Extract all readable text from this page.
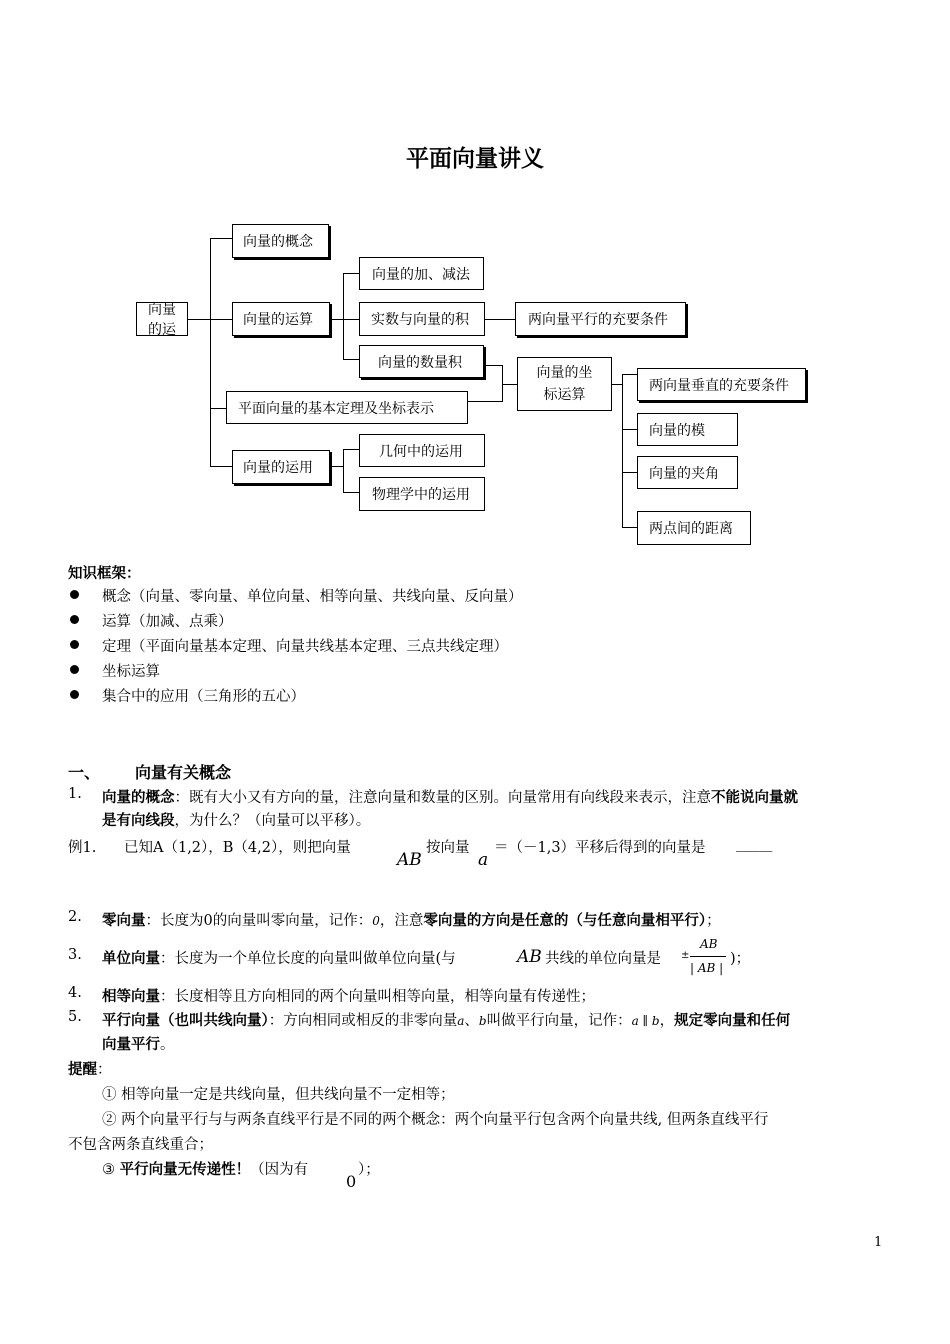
平面向量讲义
向量的运
向量的概念
向量的运算
向量的加、减法
实数与向量的积	两向量平行的充要条件
向量的数量积
向量的坐标运算
平面向量的基本定理及坐标表示
两向量垂直的充要条件
向量的模
向量的夹角
两点间的距离
向量的运用
几何中的运用
物理学中的运用
知识框架：
概念（向量、零向量、单位向量、相等向量、共线向量、反向量）
运算（加减、点乘）
定理（平面向量基本定理、向量共线基本定理、三点共线定理）
坐标运算
集合中的应用（三角形的五心）
一、 向量有关概念
1. 向量的概念：既有大小又有方向的量，注意向量和数量的区别。向量常用有向线段来表示，注意不能说向量就
是有向线段，为什么？（向量可以平移）。
例1. 已知A（1,2），B（4,2），则把向量
AB
按向量
a
＝（－1,3）平移后得到的向量是 _____
2. 零向量：长度为0的向量叫零向量，记作：0，注意零向量的方向是任意的（与任意向量相平行）；
3. 单位向量：长度为一个单位长度的向量叫做单位向量(与	AB 共线的单位向量是 ±
AB
| AB |
)；
4. 相等向量：长度相等且方向相同的两个向量叫相等向量，相等向量有传递性；
5. 平行向量（也叫共线向量）：方向相同或相反的非零向量a、b叫做平行向量，记作：a ∥ b，规定零向量和任何
向量平行。
提醒：
① 相等向量一定是共线向量，但共线向量不一定相等；
② 两个向量平行与与两条直线平行是不同的两个概念：两个向量平行包含两个向量共线, 但两条直线平行
不包含两条直线重合；
③ 平行向量无传递性！（因为有
0
）；
1
